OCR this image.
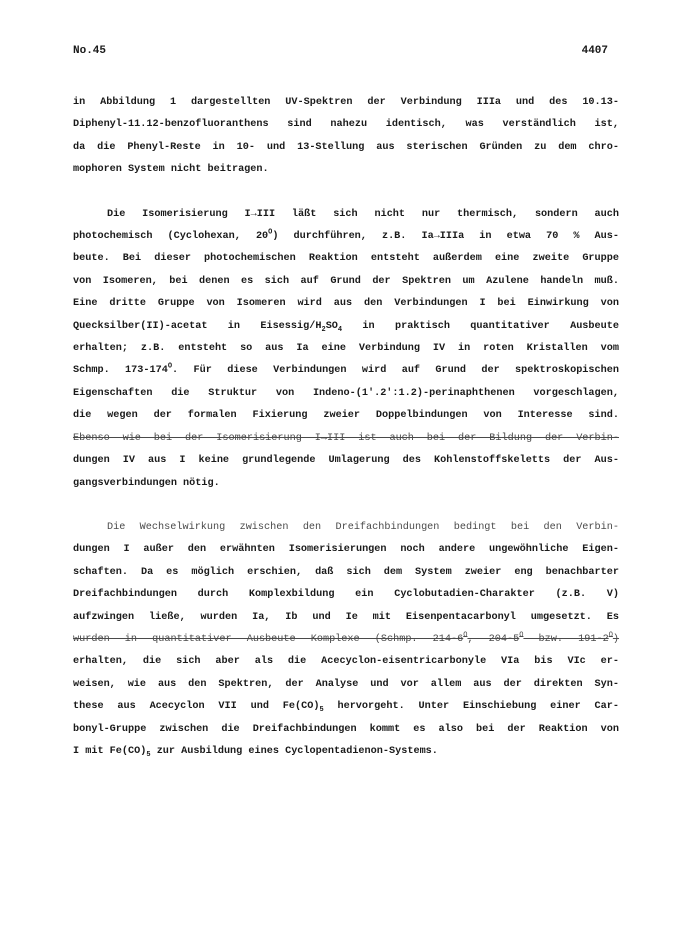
No.45	4407
in Abbildung 1 dargestellten UV-Spektren der Verbindung IIIa und des 10.13-
Diphenyl-11.12-benzofluoranthens sind nahezu identisch, was verständlich ist,
da die Phenyl-Reste in 10- und 13-Stellung aus sterischen Gründen zu dem chro-
mophoren System nicht beitragen.
Die Isomerisierung I→III läßt sich nicht nur thermisch, sondern auch
photochemisch (Cyclohexan, $20^O$) durchführen, z.B. Ia→IIIa in etwa 70 % Aus-
beute. Bei dieser photochemischen Reaktion entsteht außerdem eine zweite Gruppe
von Isomeren, bei denen es sich auf Grund der Spektren um Azulene handeln muß.
Eine dritte Gruppe von Isomeren wird aus den Verbindungen I bei Einwirkung von
Quecksilber(II)-acetat in Eisessig/$H_2SO_4$ in praktisch quantitativer Ausbeute
erhalten; z.B. entsteht so aus Ia eine Verbindung IV in roten Kristallen vom
Schmp. $173-174^O$. Für diese Verbindungen wird auf Grund der spektroskopischen
Eigenschaften die Struktur von Indeno-(1'.2':1.2)-perinaphthenen vorgeschlagen,
die wegen der formalen Fixierung zweier Doppelbindungen von Interesse sind.
Ebenso wie bei der Isomerisierung I→III ist auch bei der Bildung der Verbin-
dungen IV aus I keine grundlegende Umlagerung des Kohlenstoffskeletts der Aus-
gangsverbindungen nötig.
Die Wechselwirkung zwischen den Dreifachbindungen bedingt bei den Verbin-
dungen I außer den erwähnten Isomerisierungen noch andere ungewöhnliche Eigen-
schaften. Da es möglich erschien, daß sich dem System zweier eng benachbarter
Dreifachbindungen durch Komplexbildung ein Cyclobutadien-Charakter (z.B. V)
aufzwingen ließe, wurden Ia, Ib und Ie mit Eisenpentacarbonyl umgesetzt. Es
wurden in quantitativer Ausbeute Komplexe (Schmp. $214-6^O$, $204-5^O$ bzw. $191-2^O$)
erhalten, die sich aber als die Acecyclon-eisentricarbonyle VIa bis VIc er-
weisen, wie aus den Spektren, der Analyse und vor allem aus der direkten Syn-
these aus Acecyclon VII und $Fe(CO)_5$ hervorgeht. Unter Einschiebung einer Car-
bonyl-Gruppe zwischen die Dreifachbindungen kommt es also bei der Reaktion von
I mit $Fe(CO)_5$ zur Ausbildung eines Cyclopentadienon-Systems.
